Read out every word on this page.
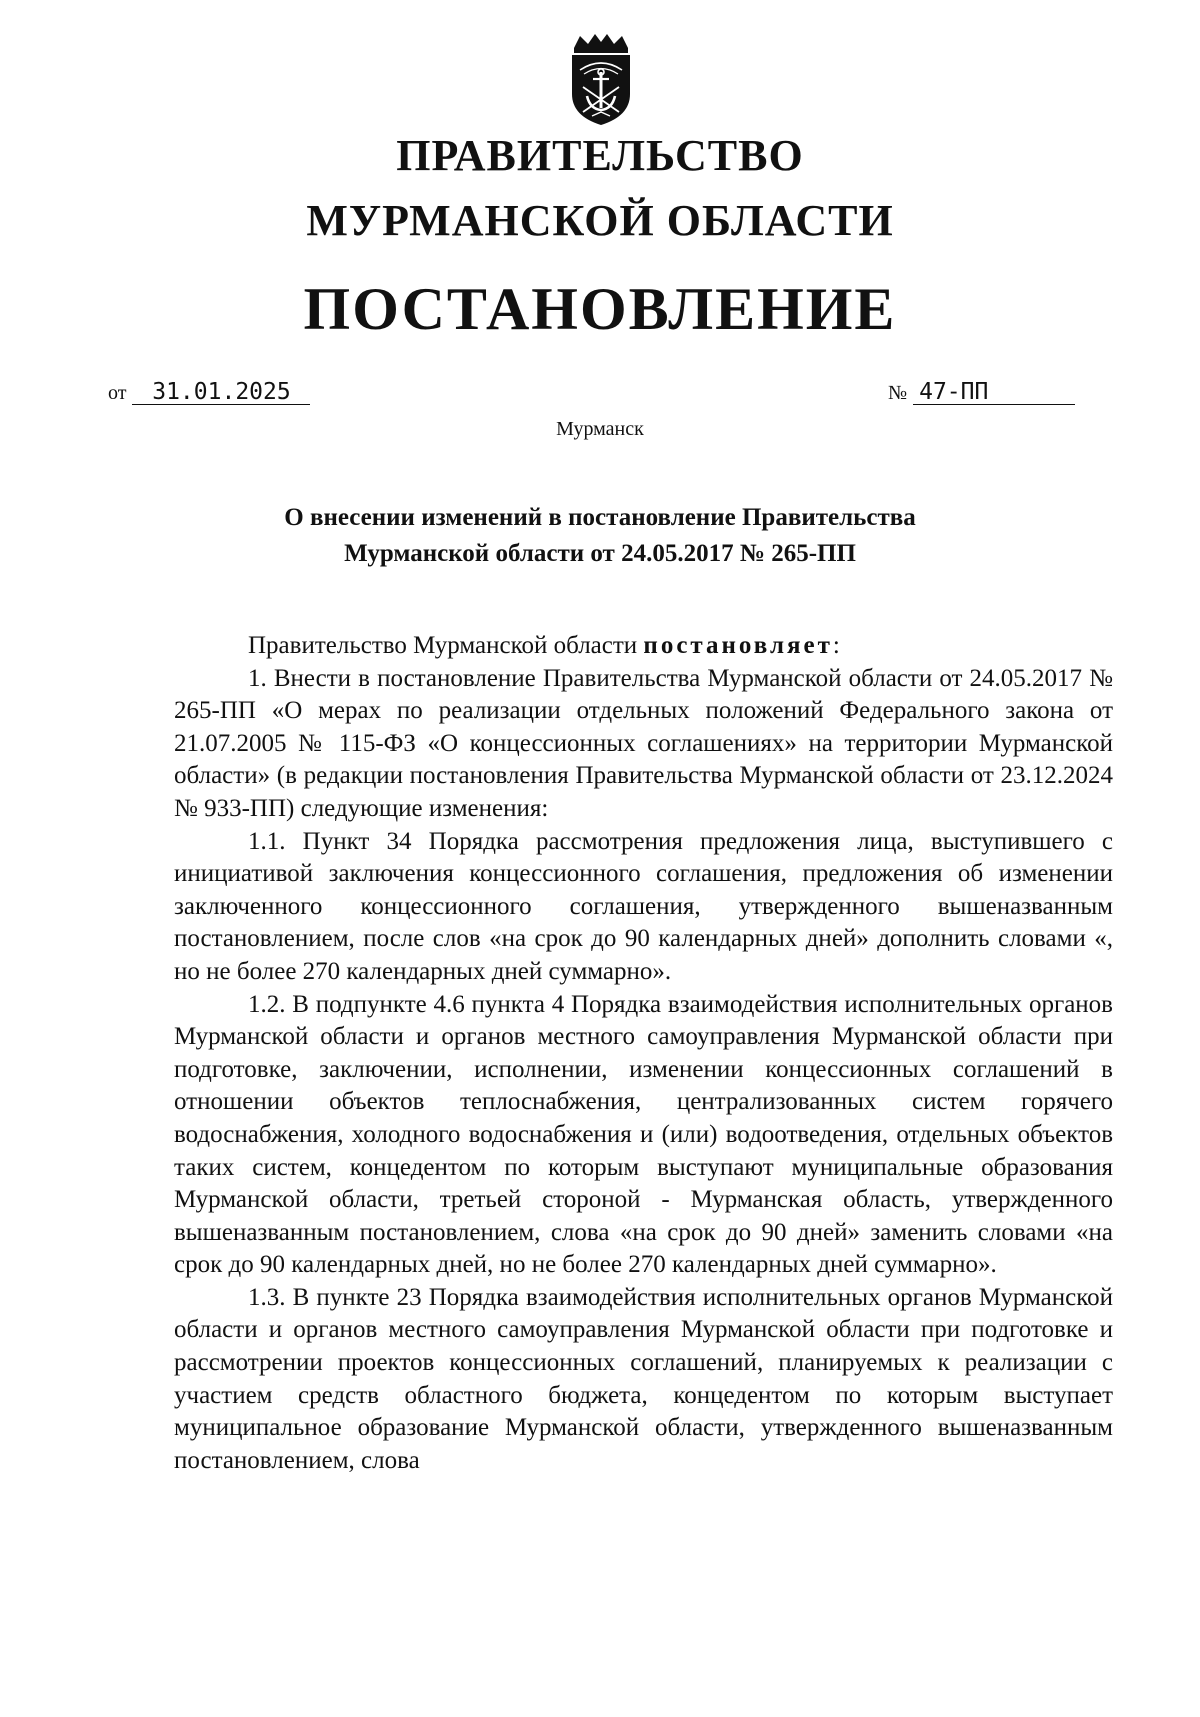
ПРАВИТЕЛЬСТВО
МУРМАНСКОЙ ОБЛАСТИ
ПОСТАНОВЛЕНИЕ
от	31.01.2025	№ 47-ПП
Мурманск
О внесении изменений в постановление Правительства
Мурманской области от 24.05.2017 № 265-ПП

Правительство Мурманской области постановляет:

1. Внести в постановление Правительства Мурманской области от 24.05.2017 № 265-ПП «О мерах по реализации отдельных положений Федерального закона от 21.07.2005 № 115-ФЗ «О концессионных соглашениях» на территории Мурманской области» (в редакции постановления Правительства Мурманской области от 23.12.2024 № 933-ПП) следующие изменения:

1.1. Пункт 34 Порядка рассмотрения предложения лица, выступившего с инициативой заключения концессионного соглашения, предложения об изменении заключенного концессионного соглашения, утвержденного вышеназванным постановлением, после слов «на срок до 90 календарных дней» дополнить словами «, но не более 270 календарных дней суммарно».

1.2. В подпункте 4.6 пункта 4 Порядка взаимодействия исполнительных органов Мурманской области и органов местного самоуправления Мурманской области при подготовке, заключении, исполнении, изменении концессионных соглашений в отношении объектов теплоснабжения, централизованных систем горячего водоснабжения, холодного водоснабжения и (или) водоотведения, отдельных объектов таких систем, концедентом по которым выступают муниципальные образования Мурманской области, третьей стороной - Мурманская область, утвержденного вышеназванным постановлением, слова «на срок до 90 дней» заменить словами «на срок до 90 календарных дней, но не более 270 календарных дней суммарно».

1.3. В пункте 23 Порядка взаимодействия исполнительных органов Мурманской области и органов местного самоуправления Мурманской области при подготовке и рассмотрении проектов концессионных соглашений, планируемых к реализации с участием средств областного бюджета, концедентом по которым выступает муниципальное образование Мурманской области, утвержденного вышеназванным постановлением, слова
